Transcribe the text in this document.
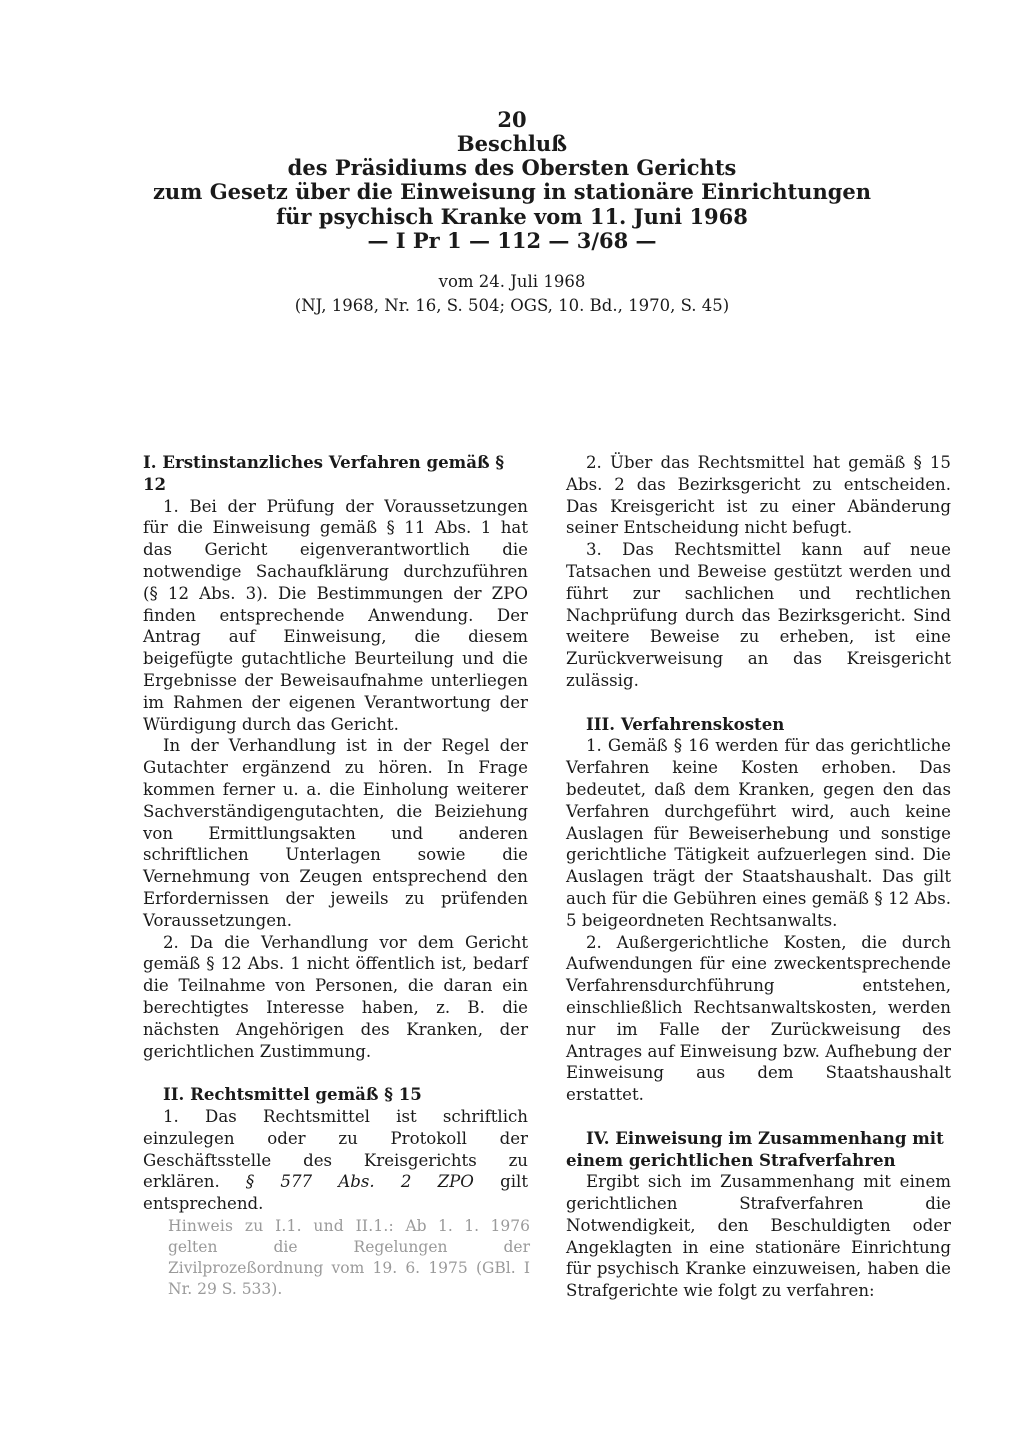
20
Beschluß
des Präsidiums des Obersten Gerichts
zum Gesetz über die Einweisung in stationäre Einrichtungen
für psychisch Kranke vom 11. Juni 1968
— I Pr 1 — 112 — 3/68 —
vom 24. Juli 1968
(NJ, 1968, Nr. 16, S. 504; OGS, 10. Bd., 1970, S. 45)

I. Erstinstanzliches Verfahren gemäß § 12

1. Bei der Prüfung der Voraussetzungen für die Einweisung gemäß § 11 Abs. 1 hat das Gericht eigenverantwortlich die notwendige Sachaufklärung durchzuführen (§ 12 Abs. 3). Die Bestimmungen der ZPO finden entsprechende Anwendung. Der Antrag auf Einweisung, die diesem beigefügte gutachtliche Beurteilung und die Ergebnisse der Beweisaufnahme unterliegen im Rahmen der eigenen Verantwortung der Würdigung durch das Gericht.

In der Verhandlung ist in der Regel der Gutachter ergänzend zu hören. In Frage kommen ferner u. a. die Einholung weiterer Sachverständigengutachten, die Beiziehung von Ermittlungsakten und anderen schriftlichen Unterlagen sowie die Vernehmung von Zeugen entsprechend den Erfordernissen der jeweils zu prüfenden Voraussetzungen.

2. Da die Verhandlung vor dem Gericht gemäß § 12 Abs. 1 nicht öffentlich ist, bedarf die Teilnahme von Personen, die daran ein berechtigtes Interesse haben, z. B. die nächsten Angehörigen des Kranken, der gerichtlichen Zustimmung.

II. Rechtsmittel gemäß § 15

1. Das Rechtsmittel ist schriftlich einzulegen oder zu Protokoll der Geschäftsstelle des Kreisgerichts zu erklären. § 577 Abs. 2 ZPO gilt entsprechend.

Hinweis zu I.1. und II.1.: Ab 1. 1. 1976 gelten die Regelungen der Zivilprozeßordnung vom 19. 6. 1975 (GBl. I Nr. 29 S. 533).

2. Über das Rechtsmittel hat gemäß § 15 Abs. 2 das Bezirksgericht zu entscheiden. Das Kreisgericht ist zu einer Abänderung seiner Entscheidung nicht befugt.

3. Das Rechtsmittel kann auf neue Tatsachen und Beweise gestützt werden und führt zur sachlichen und rechtlichen Nachprüfung durch das Bezirksgericht. Sind weitere Beweise zu erheben, ist eine Zurückverweisung an das Kreisgericht zulässig.

III. Verfahrenskosten

1. Gemäß § 16 werden für das gerichtliche Verfahren keine Kosten erhoben. Das bedeutet, daß dem Kranken, gegen den das Verfahren durchgeführt wird, auch keine Auslagen für Beweiserhebung und sonstige gerichtliche Tätigkeit aufzuerlegen sind. Die Auslagen trägt der Staatshaushalt. Das gilt auch für die Gebühren eines gemäß § 12 Abs. 5 beigeordneten Rechtsanwalts.

2. Außergerichtliche Kosten, die durch Aufwendungen für eine zweckentsprechende Verfahrensdurchführung entstehen, einschließlich Rechtsanwaltskosten, werden nur im Falle der Zurückweisung des Antrages auf Einweisung bzw. Aufhebung der Einweisung aus dem Staatshaushalt erstattet.

IV. Einweisung im Zusammenhang mit einem gerichtlichen Strafverfahren

Ergibt sich im Zusammenhang mit einem gerichtlichen Strafverfahren die Notwendigkeit, den Beschuldigten oder Angeklagten in eine stationäre Einrichtung für psychisch Kranke einzuweisen, haben die Strafgerichte wie folgt zu verfahren:
